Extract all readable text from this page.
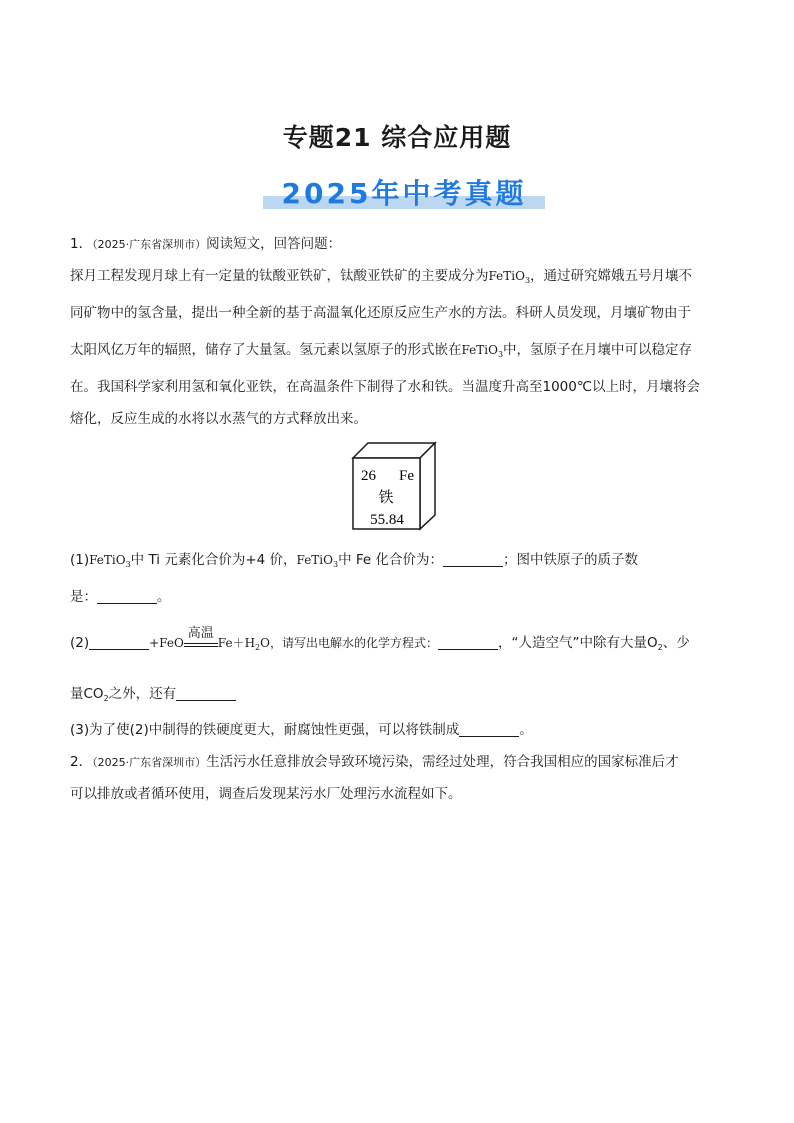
专题21 综合应用题
2025年中考真题
1．（2025·广东省深圳市）阅读短文，回答问题：
探月工程发现月球上有一定量的钛酸亚铁矿，钛酸亚铁矿的主要成分为FeTiO$_3$，通过研究嫦娥五号月壤不
同矿物中的氢含量，提出一种全新的基于高温氧化还原反应生产水的方法。科研人员发现，月壤矿物由于
太阳风亿万年的辐照，储存了大量氢。氢元素以氢原子的形式嵌在FeTiO$_3$中，氢原子在月壤中可以稳定存
在。我国科学家利用氢和氧化亚铁，在高温条件下制得了水和铁。当温度升高至1000℃以上时，月壤将会
熔化，反应生成的水将以水蒸气的方式释放出来。
26 Fe
铁
55.84
(1)FeTiO$_3$中 Ti 元素化合价为+4 价，FeTiO$_3$中 Fe 化合价为：	；图中铁原子的质子数
是：	。
(2)	+FeO
高温
$Fe+H_2O$，请写出电解水的化学方程式：	，“人造空气”中除有大量$O_2$、少
量$CO_2$之外，还有
(3)为了使(2)中制得的铁硬度更大，耐腐蚀性更强，可以将铁制成	。
2．（2025·广东省深圳市）生活污水任意排放会导致环境污染，需经过处理，符合我国相应的国家标准后才
可以排放或者循环使用，调查后发现某污水厂处理污水流程如下。
